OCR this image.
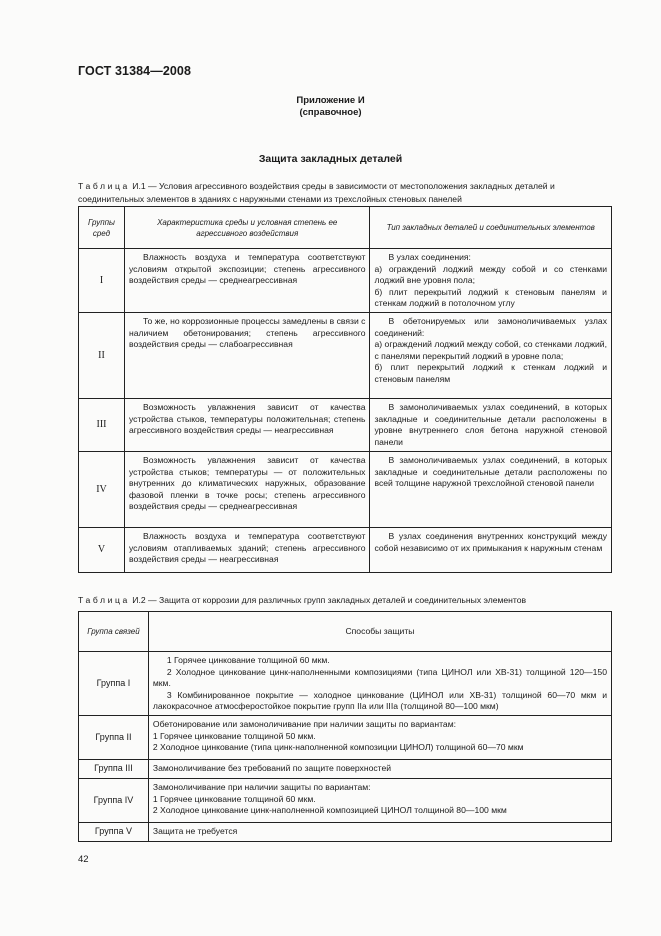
ГОСТ 31384—2008
Приложение И
(справочное)
Защита закладных деталей
Таблица И.1 — Условия агрессивного воздействия среды в зависимости от местоположения закладных деталей и соединительных элементов в зданиях с наружными стенами из трехслойных стеновых панелей
Группы сред	Характеристика среды и условная степень ее агрессивного воздействия	Тип закладных деталей и соединительных элементов
I	Влажность воздуха и температура соответствуют условиям открытой экспозиции; степень агрессивного воздействия среды — среднеагрессивная	В узлах соединения:
а) ограждений лоджий между собой и со стенками лоджий вне уровня пола;
б) плит перекрытий лоджий к стеновым панелям и стенкам лоджий в потолочном углу

II	То же, но коррозионные процессы замедлены в связи с наличием обетонирования; степень агрессивного воздействия среды — слабоагрессивная	В обетонируемых или замоноличиваемых узлах соединений:
а) ограждений лоджий между собой, со стенками лоджий, с панелями перекрытий лоджий в уровне пола;
б) плит перекрытий лоджий к стенкам лоджий и стеновым панелям

III	Возможность увлажнения зависит от качества устройства стыков, температуры положительная; степень агрессивного воздействия среды — неагрессивная	В замоноличиваемых узлах соединений, в которых закладные и соединительные детали расположены в уровне внутреннего слоя бетона наружной стеновой панели

IV	Возможность увлажнения зависит от качества устройства стыков; температуры — от положительных внутренних до климатических наружных, образование фазовой пленки в точке росы; степень агрессивного воздействия среды — среднеагрессивная	В замоноличиваемых узлах соединений, в которых закладные и соединительные детали расположены по всей толщине наружной трехслойной стеновой панели

V	Влажность воздуха и температура соответствуют условиям отапливаемых зданий; степень агрессивного воздействия среды — неагрессивная	В узлах соединения внутренних конструкций между собой независимо от их примыкания к наружным стенам
Таблица И.2 — Защита от коррозии для различных групп закладных деталей и соединительных элементов
Группа связей	Способы защиты
Группа I	1 Горячее цинкование толщиной 60 мкм.
2 Холодное цинкование цинк-наполненными композициями (типа ЦИНОЛ или ХВ-31) толщиной 120—150 мкм.
3 Комбинированное покрытие — холодное цинкование (ЦИНОЛ или ХВ-31) толщиной 60—70 мкм и лакокрасочное атмосферостойкое покрытие групп IIa или IIIa (толщиной 80—100 мкм)

Группа II	Обетонирование или замоноличивание при наличии защиты по вариантам:
1 Горячее цинкование толщиной 50 мкм.
2 Холодное цинкование (типа цинк-наполненной композиции ЦИНОЛ) толщиной 60—70 мкм

Группа III	Замоноличивание без требований по защите поверхностей

Группа IV	Замоноличивание при наличии защиты по вариантам:
1 Горячее цинкование толщиной 60 мкм.
2 Холодное цинкование цинк-наполненной композицией ЦИНОЛ толщиной 80—100 мкм

Группа V	Защита не требуется
42
